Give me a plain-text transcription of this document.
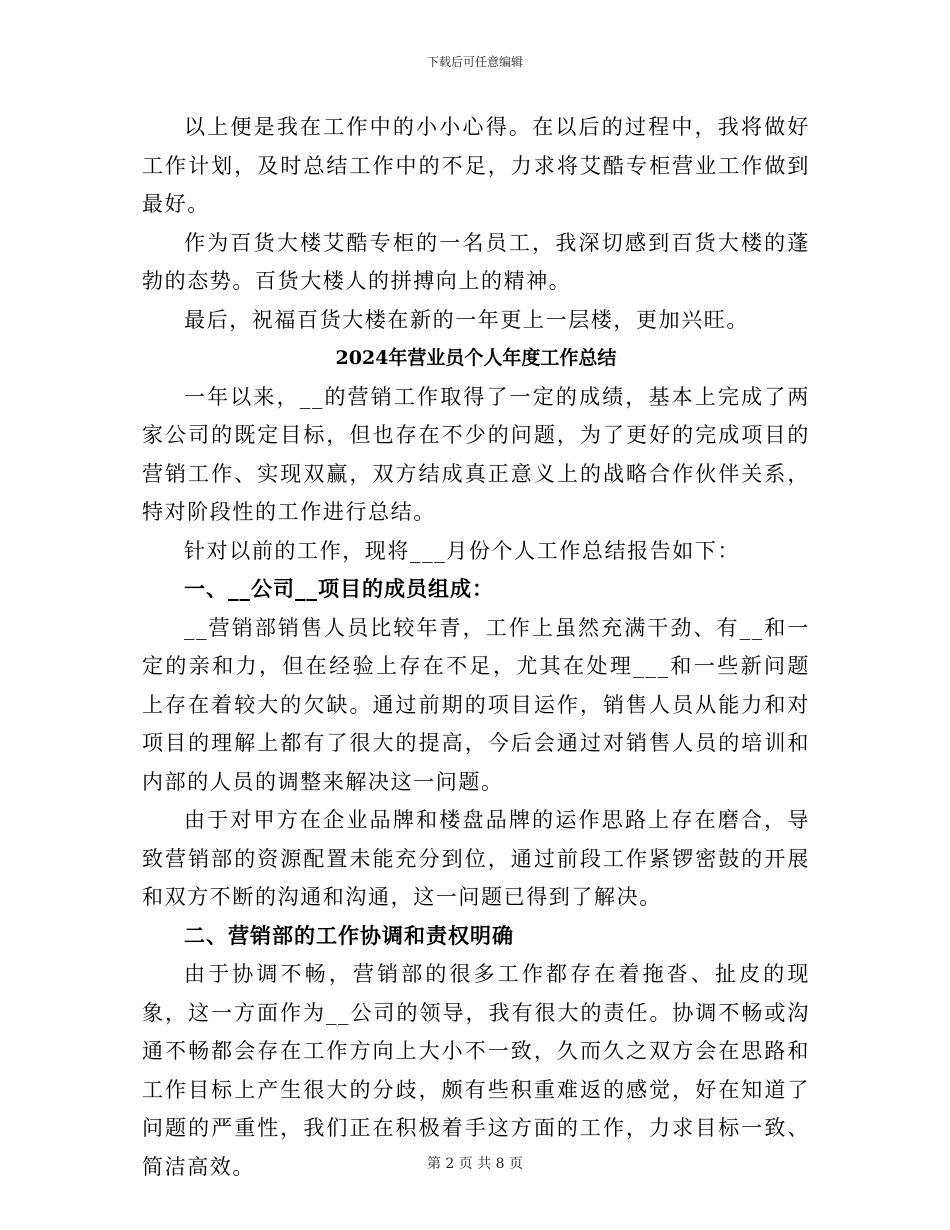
下载后可任意编辑

以上便是我在工作中的小小心得。在以后的过程中，我将做好工作计划，及时总结工作中的不足，力求将艾酷专柜营业工作做到最好。

作为百货大楼艾酷专柜的一名员工，我深切感到百货大楼的蓬勃的态势。百货大楼人的拼搏向上的精神。

最后，祝福百货大楼在新的一年更上一层楼，更加兴旺。

2024年营业员个人年度工作总结

一年以来，__的营销工作取得了一定的成绩，基本上完成了两家公司的既定目标，但也存在不少的问题，为了更好的完成项目的营销工作、实现双赢，双方结成真正意义上的战略合作伙伴关系，特对阶段性的工作进行总结。

针对以前的工作，现将___月份个人工作总结报告如下：

一、__公司__项目的成员组成：

__营销部销售人员比较年青，工作上虽然充满干劲、有__和一定的亲和力，但在经验上存在不足，尤其在处理___和一些新问题上存在着较大的欠缺。通过前期的项目运作，销售人员从能力和对项目的理解上都有了很大的提高，今后会通过对销售人员的培训和内部的人员的调整来解决这一问题。

由于对甲方在企业品牌和楼盘品牌的运作思路上存在磨合，导致营销部的资源配置未能充分到位，通过前段工作紧锣密鼓的开展和双方不断的沟通和沟通，这一问题已得到了解决。

二、营销部的工作协调和责权明确

由于协调不畅，营销部的很多工作都存在着拖沓、扯皮的现象，这一方面作为__公司的领导，我有很大的责任。协调不畅或沟通不畅都会存在工作方向上大小不一致，久而久之双方会在思路和工作目标上产生很大的分歧，颇有些积重难返的感觉，好在知道了问题的严重性，我们正在积极着手这方面的工作，力求目标一致、简洁高效。	第 2 页 共 8 页
